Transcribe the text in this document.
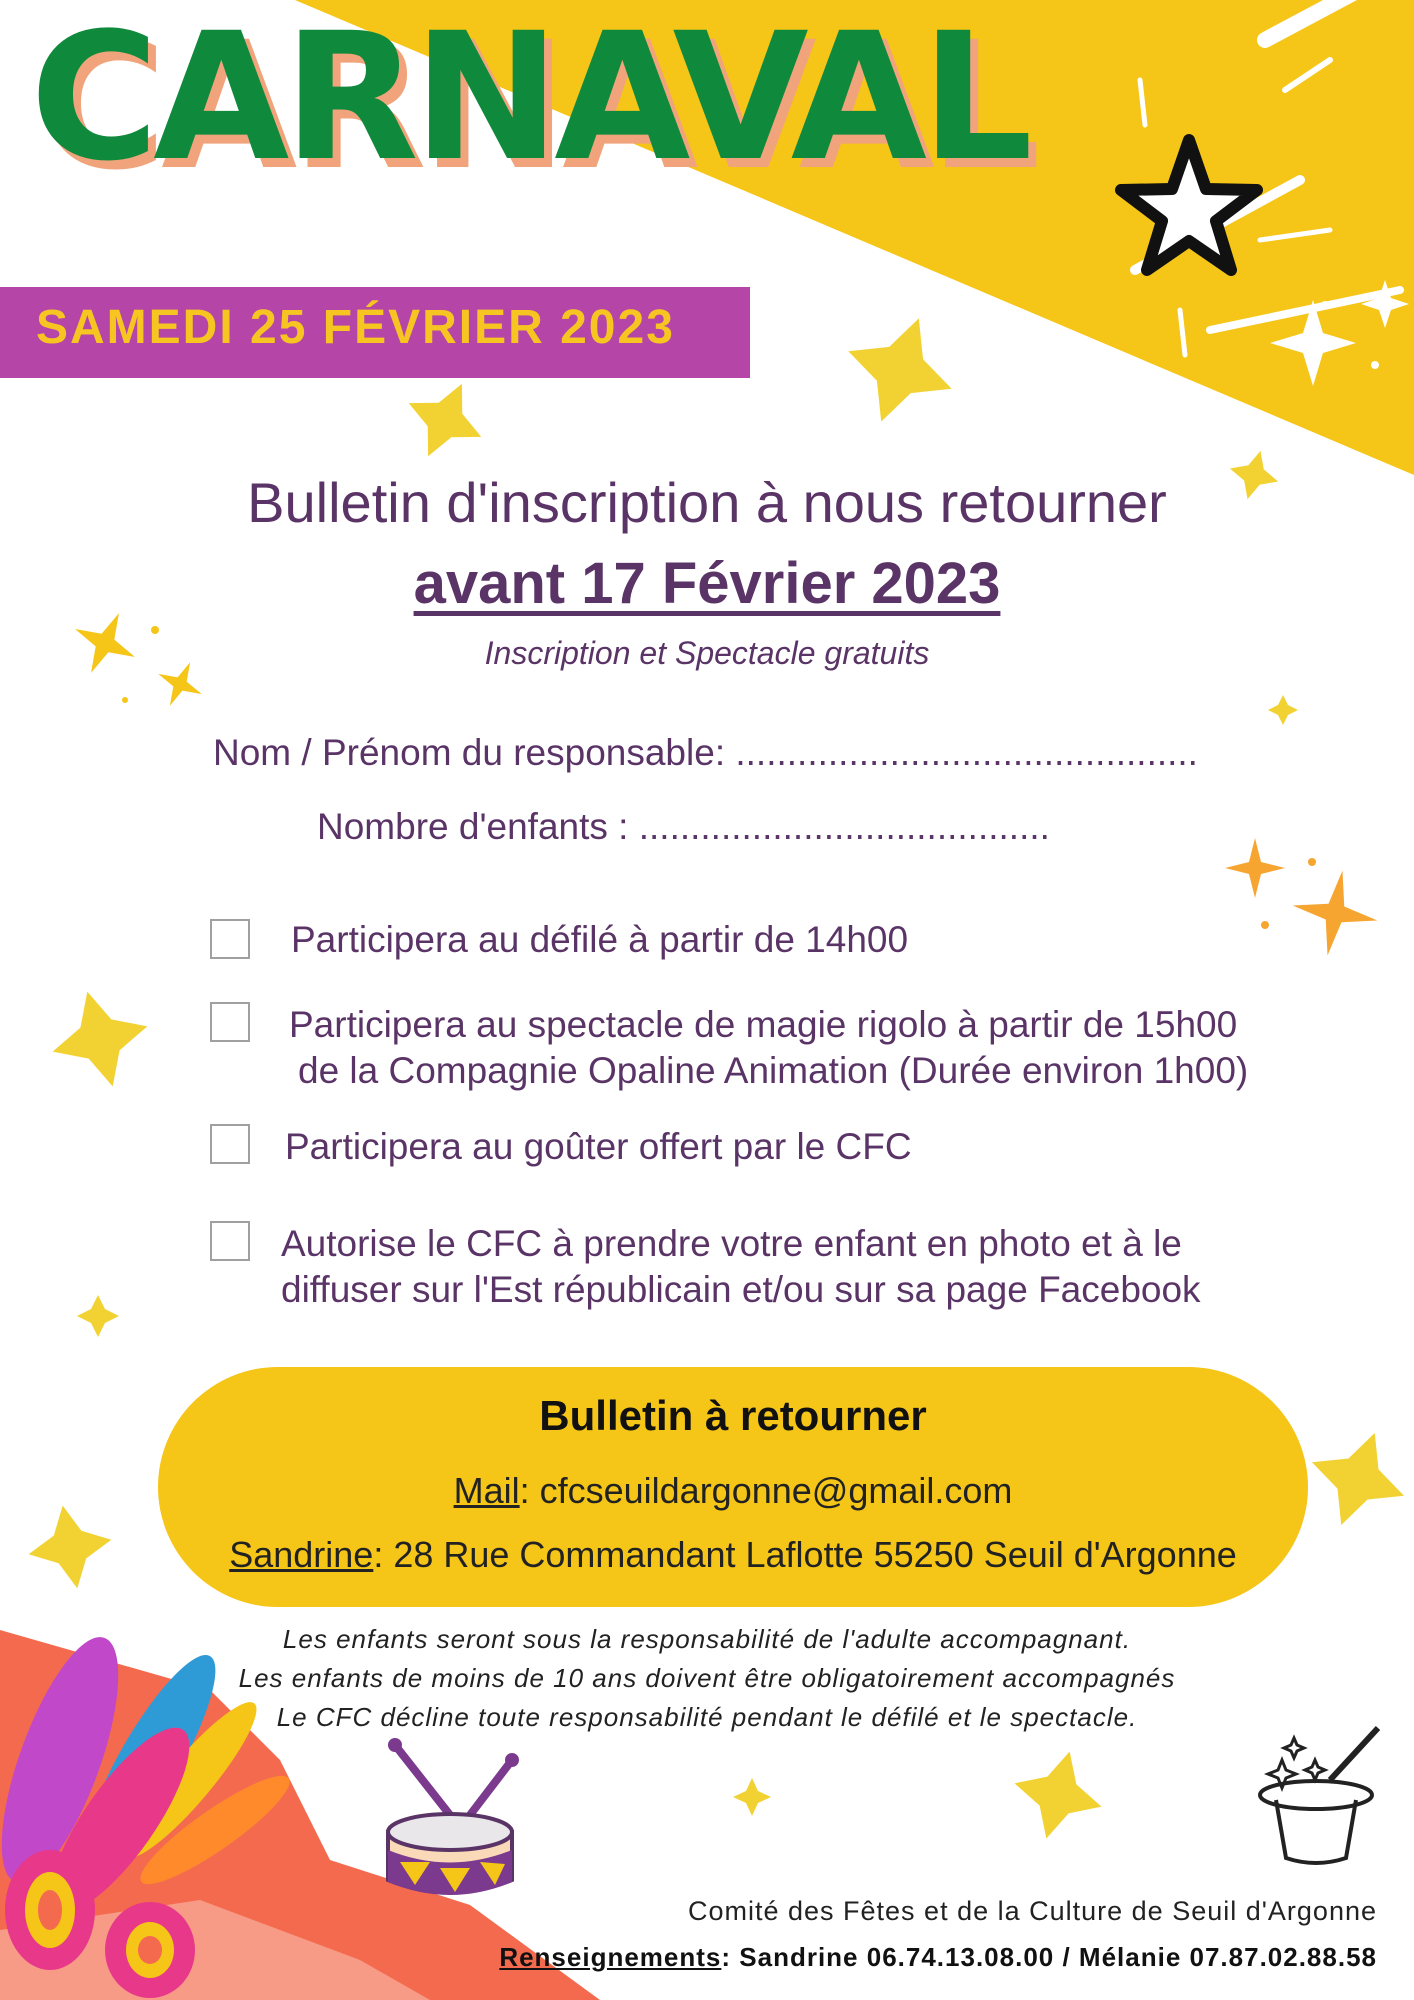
CARNAVAL
SAMEDI 25 FÉVRIER 2023
Bulletin d'inscription à nous retourner
avant 17 Février 2023
Inscription et Spectacle gratuits
Nom / Prénom du responsable: .............................................
Nombre d'enfants : ........................................
Participera au défilé à partir de 14h00
Participera au spectacle de magie rigolo à partir de 15h00
de la Compagnie Opaline Animation (Durée environ 1h00)
Participera au goûter offert par le CFC
Autorise le CFC à prendre votre enfant en photo et à le
diffuser sur l'Est républicain et/ou sur sa page Facebook
Bulletin à retourner
Mail: cfcseuildargonne@gmail.com
Sandrine: 28 Rue Commandant Laflotte 55250 Seuil d'Argonne
Les enfants seront sous la responsabilité de l'adulte accompagnant.
Les enfants de moins de 10 ans doivent être obligatoirement accompagnés
Le CFC décline toute responsabilité pendant le défilé et le spectacle.
Comité des Fêtes et de la Culture de Seuil d'Argonne
Renseignements: Sandrine 06.74.13.08.00 / Mélanie 07.87.02.88.58
